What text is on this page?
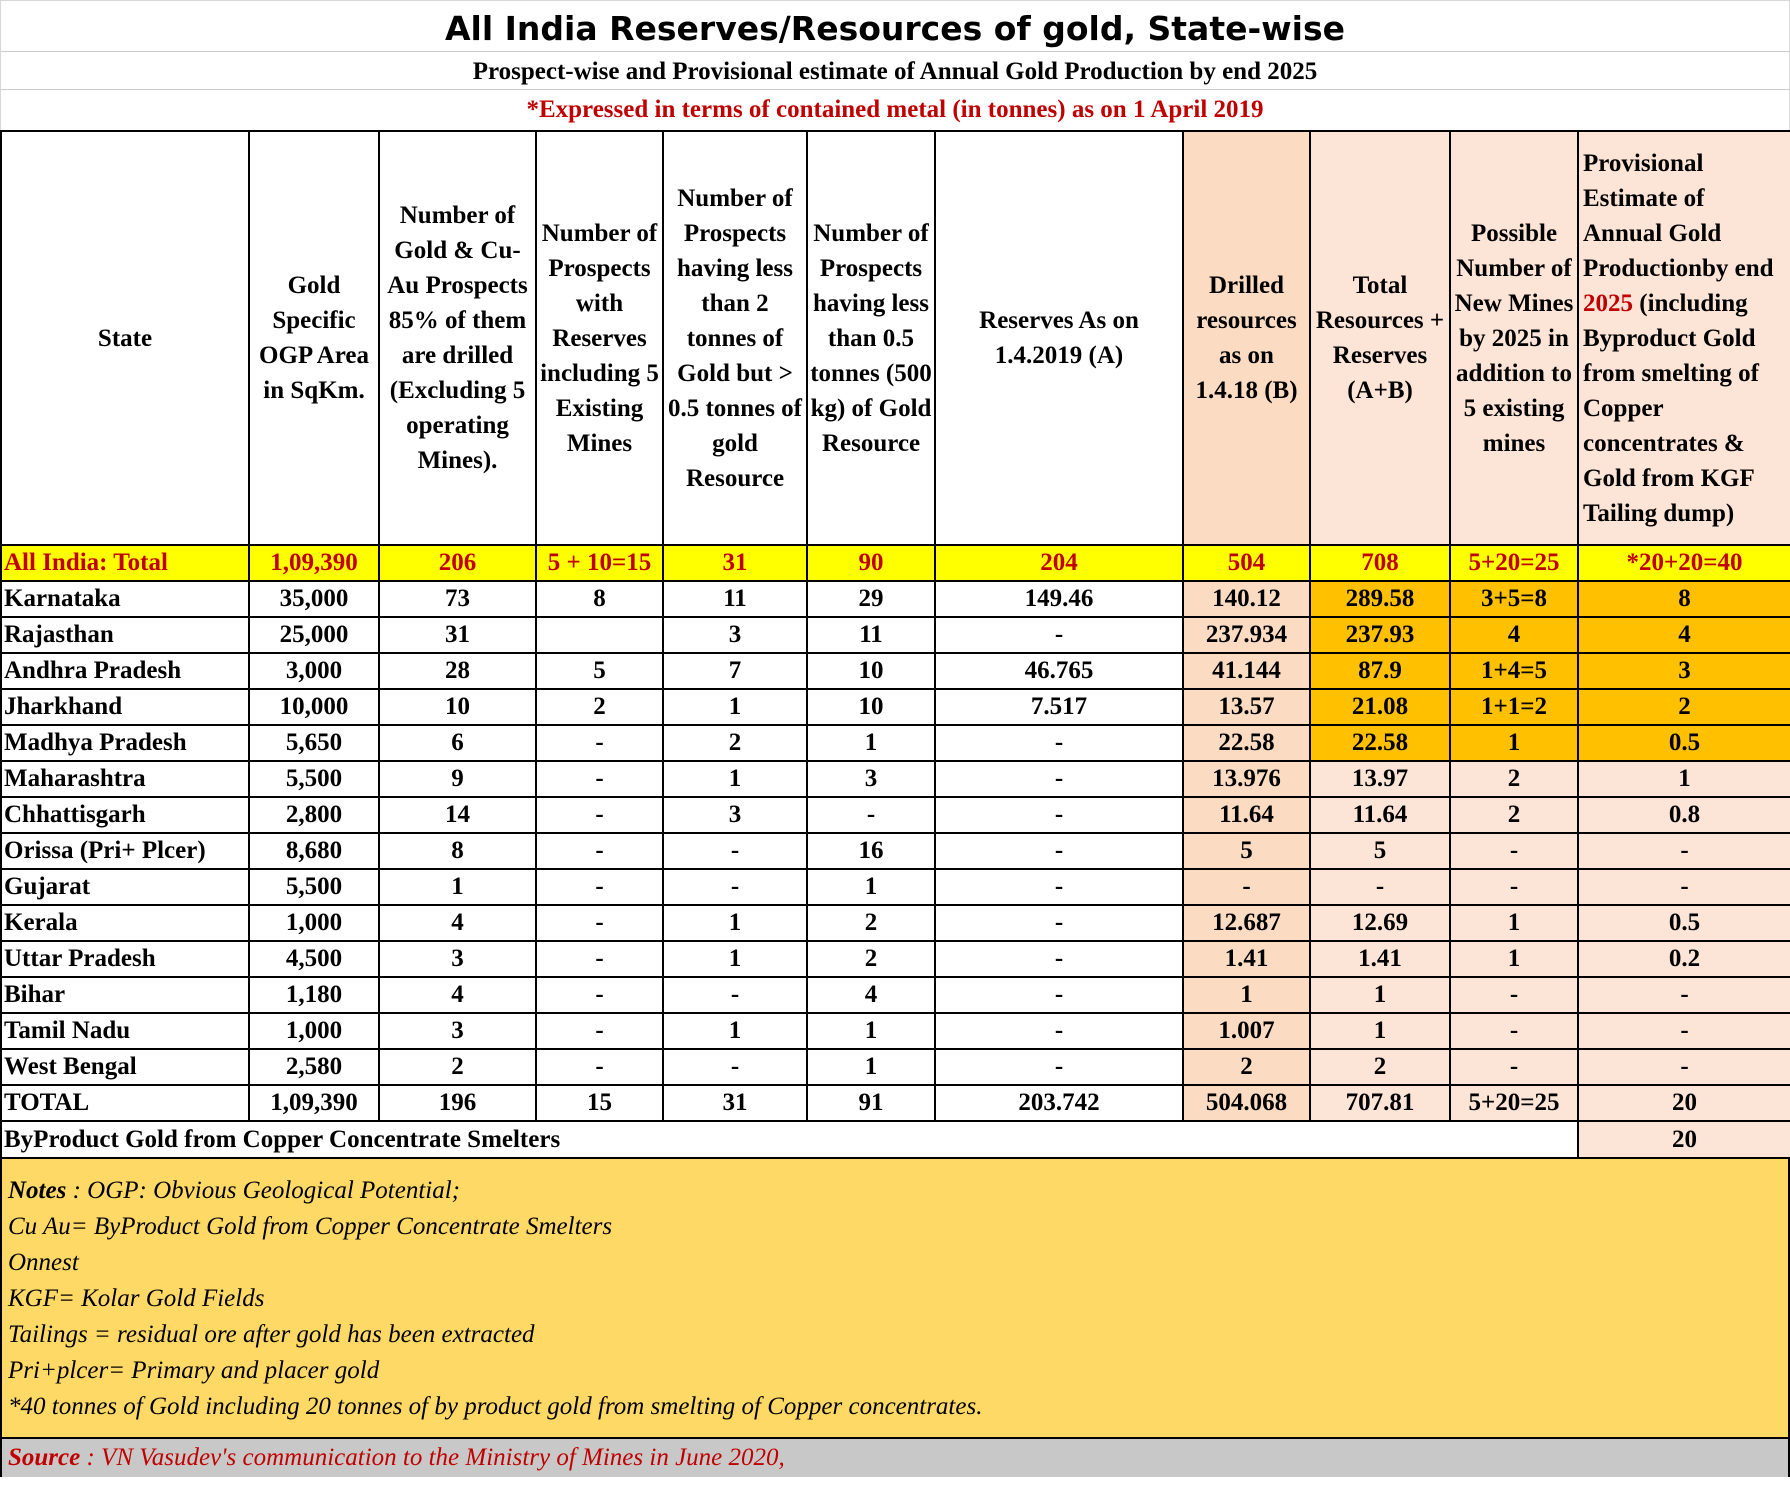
All India Reserves/Resources of gold, State-wise
Prospect-wise and Provisional estimate of Annual Gold Production by end 2025
*Expressed in terms of contained metal (in tonnes) as on 1 April 2019
State	Gold Specific OGP Area in SqKm.	Number of Gold & Cu-Au Prospects 85% of them are drilled (Excluding 5 operating Mines).	Number of Prospects with Reserves including 5 Existing Mines	Number of Prospects having less than 2 tonnes of Gold but > 0.5 tonnes of gold Resource	Number of Prospects having less than 0.5 tonnes (500 kg) of Gold Resource	Reserves As on 1.4.2019 (A)	Drilled resources as on 1.4.18 (B)	Total Resources + Reserves (A+B)	Possible Number of New Mines by 2025 in addition to 5 existing mines	Provisional Estimate of Annual Gold Productionby end 2025 (including Byproduct Gold from smelting of Copper concentrates & Gold from KGF Tailing dump)
All India: Total	1,09,390	206	5 + 10=15	31	90	204	504	708	5+20=25	*20+20=40
Karnataka	35,000	73	8	11	29	149.46	140.12	289.58	3+5=8	8
Rajasthan	25,000	31		3	11	-	237.934	237.93	4	4
Andhra Pradesh	3,000	28	5	7	10	46.765	41.144	87.9	1+4=5	3
Jharkhand	10,000	10	2	1	10	7.517	13.57	21.08	1+1=2	2
Madhya Pradesh	5,650	6	-	2	1	-	22.58	22.58	1	0.5
Maharashtra	5,500	9	-	1	3	-	13.976	13.97	2	1
Chhattisgarh	2,800	14	-	3	-	-	11.64	11.64	2	0.8
Orissa (Pri+ Plcer)	8,680	8	-	-	16	-	5	5	-	-
Gujarat	5,500	1	-	-	1	-	-	-	-	-
Kerala	1,000	4	-	1	2	-	12.687	12.69	1	0.5
Uttar Pradesh	4,500	3	-	1	2	-	1.41	1.41	1	0.2
Bihar	1,180	4	-	-	4	-	1	1	-	-
Tamil Nadu	1,000	3	-	1	1	-	1.007	1	-	-
West Bengal	2,580	2	-	-	1	-	2	2	-	-
TOTAL	1,09,390	196	15	31	91	203.742	504.068	707.81	5+20=25	20
ByProduct Gold from Copper Concentrate Smelters										20
Notes : OGP: Obvious Geological Potential;
Cu Au= ByProduct Gold from Copper Concentrate Smelters
Onnest
KGF= Kolar Gold Fields
Tailings = residual ore after gold has been extracted
Pri+plcer= Primary and placer gold
*40 tonnes of Gold including 20 tonnes of by product gold from smelting of Copper concentrates.
Source : VN Vasudev's communication to the Ministry of Mines in June 2020,
